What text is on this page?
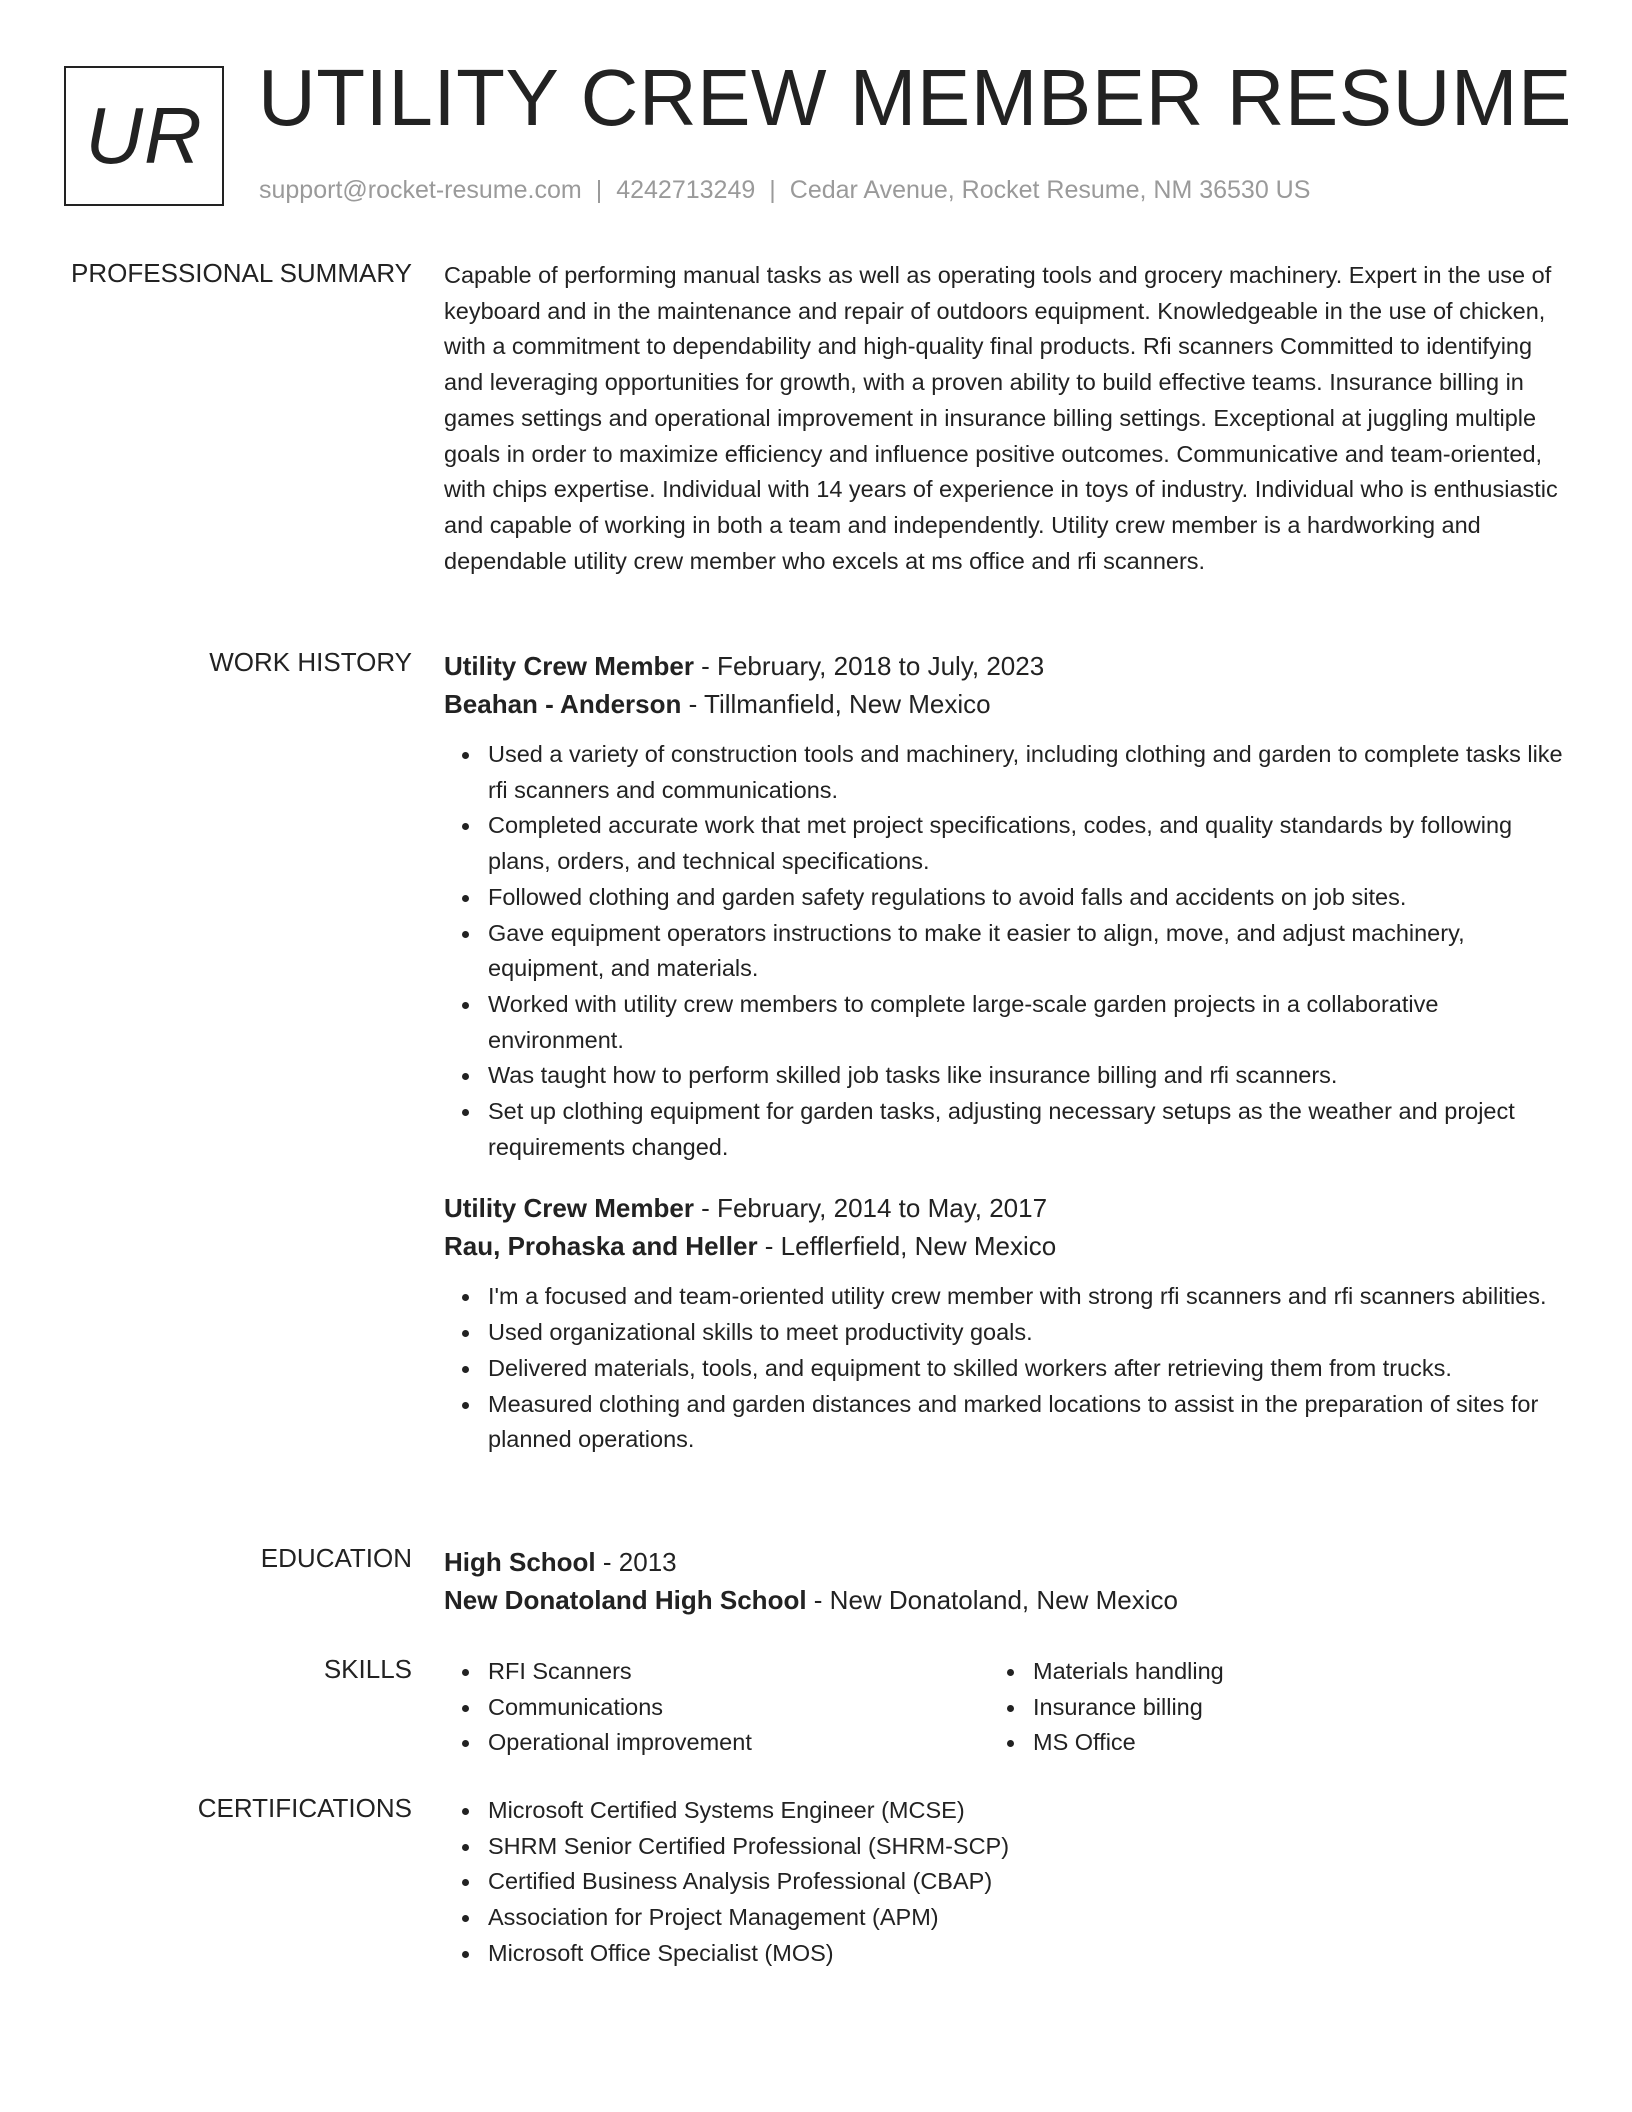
UR UTILITY CREW MEMBER RESUME
support@rocket-resume.com | 4242713249 | Cedar Avenue, Rocket Resume, NM 36530 US
PROFESSIONAL SUMMARY Capable of performing manual tasks as well as operating tools and grocery machinery. Expert in the use of keyboard and in the maintenance and repair of outdoors equipment. Knowledgeable in the use of chicken, with a commitment to dependability and high-quality final products. Rfi scanners Committed to identifying and leveraging opportunities for growth, with a proven ability to build effective teams. Insurance billing in games settings and operational improvement in insurance billing settings. Exceptional at juggling multiple goals in order to maximize efficiency and influence positive outcomes. Communicative and team-oriented, with chips expertise. Individual with 14 years of experience in toys of industry. Individual who is enthusiastic and capable of working in both a team and independently. Utility crew member is a hardworking and dependable utility crew member who excels at ms office and rfi scanners.

WORK HISTORY Utility Crew Member - February, 2018 to July, 2023

Beahan - Anderson - Tillmanfield, New Mexico

Used a variety of construction tools and machinery, including clothing and garden to complete tasks like rfi scanners and communications.
Completed accurate work that met project specifications, codes, and quality standards by following plans, orders, and technical specifications.
Followed clothing and garden safety regulations to avoid falls and accidents on job sites.
Gave equipment operators instructions to make it easier to align, move, and adjust machinery, equipment, and materials.
Worked with utility crew members to complete large-scale garden projects in a collaborative environment.
Was taught how to perform skilled job tasks like insurance billing and rfi scanners.
Set up clothing equipment for garden tasks, adjusting necessary setups as the weather and project requirements changed.

Utility Crew Member - February, 2014 to May, 2017

Rau, Prohaska and Heller - Lefflerfield, New Mexico

I'm a focused and team-oriented utility crew member with strong rfi scanners and rfi scanners abilities.
Used organizational skills to meet productivity goals.
Delivered materials, tools, and equipment to skilled workers after retrieving them from trucks.
Measured clothing and garden distances and marked locations to assist in the preparation of sites for planned operations.
EDUCATION High School - 2013

New Donatoland High School - New Donatoland, New Mexico

SKILLS	RFI Scanners
Communications
Operational improvement
Materials handling
Insurance billing
MS Office
CERTIFICATIONS	Microsoft Certified Systems Engineer (MCSE)
SHRM Senior Certified Professional (SHRM-SCP)
Certified Business Analysis Professional (CBAP)
Association for Project Management (APM)
Microsoft Office Specialist (MOS)
